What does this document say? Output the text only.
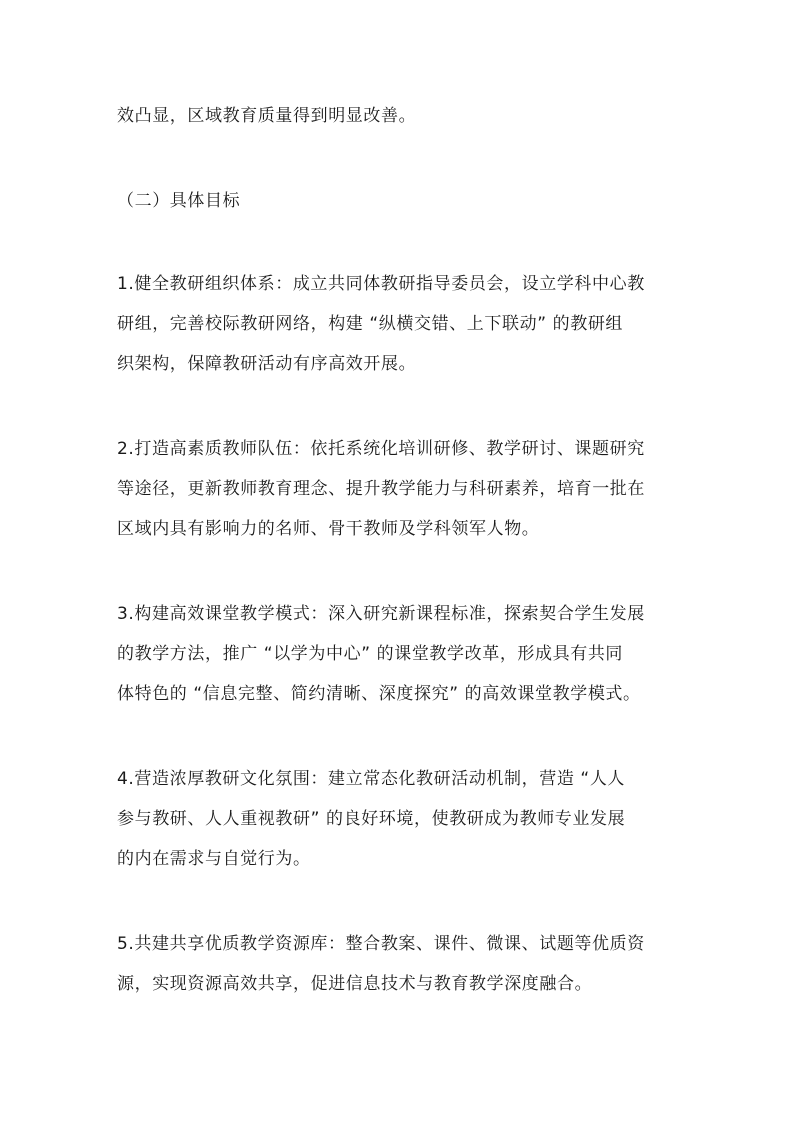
效凸显，区域教育质量得到明显改善。
（二）具体目标
1.健全教研组织体系：成立共同体教研指导委员会，设立学科中心教
研组，完善校际教研网络，构建 “纵横交错、上下联动” 的教研组
织架构，保障教研活动有序高效开展。
2.打造高素质教师队伍：依托系统化培训研修、教学研讨、课题研究
等途径，更新教师教育理念、提升教学能力与科研素养，培育一批在
区域内具有影响力的名师、骨干教师及学科领军人物。
3.构建高效课堂教学模式：深入研究新课程标准，探索契合学生发展
的教学方法，推广 “以学为中心” 的课堂教学改革，形成具有共同
体特色的 “信息完整、简约清晰、深度探究” 的高效课堂教学模式。
4.营造浓厚教研文化氛围：建立常态化教研活动机制，营造 “人人
参与教研、人人重视教研” 的良好环境，使教研成为教师专业发展
的内在需求与自觉行为。
5.共建共享优质教学资源库：整合教案、课件、微课、试题等优质资
源，实现资源高效共享，促进信息技术与教育教学深度融合。
